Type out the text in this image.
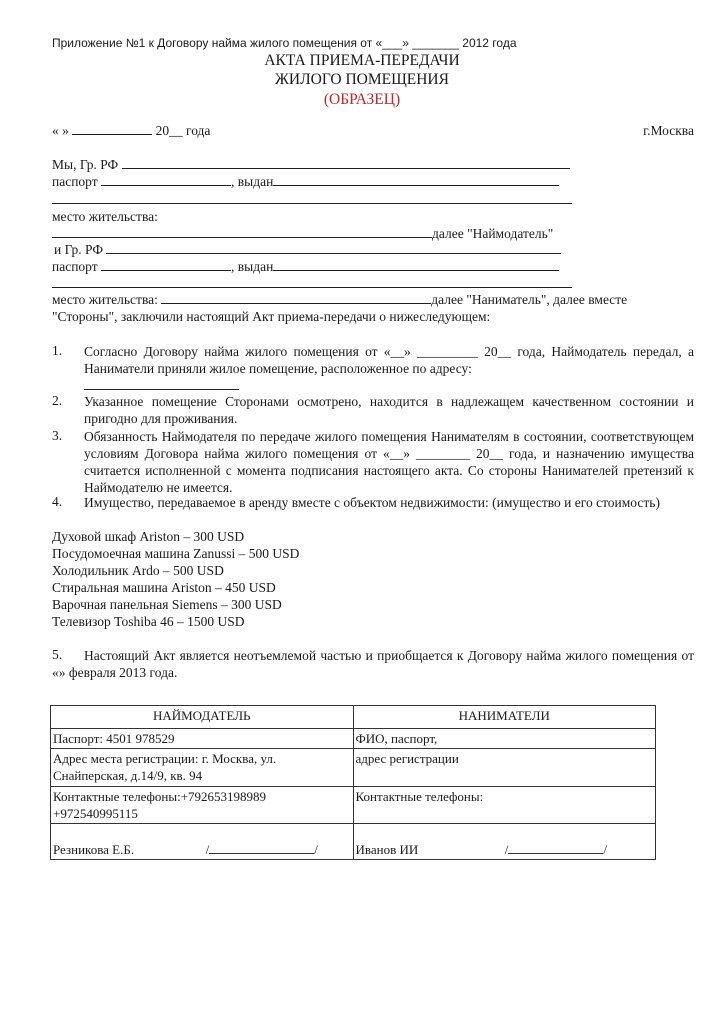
Приложение №1 к Договору найма жилого помещения от «___» _______ 2012 года
АКТА ПРИЕМА-ПЕРЕДАЧИ
ЖИЛОГО ПОМЕЩЕНИЯ
(ОБРАЗЕЦ)
« »	20__ года	г.Москва
Мы, Гр. РФ
паспорт	, выдан
место жительства:
далее "Наймодатель"
и Гр. РФ
паспорт	, выдан
место жительства:	далее "Наниматель", далее вместе
"Стороны", заключили настоящий Акт приема-передачи о нижеследующем:
1. Согласно Договору найма жилого помещения от «__» _________ 20__ года, Наймодатель передал, а Наниматели приняли жилое помещение, расположенное по адресу:
2. Указанное помещение Сторонами осмотрено, находится в надлежащем качественном состоянии и пригодно для проживания.
3. Обязанность Наймодателя по передаче жилого помещения Нанимателям в состоянии, соответствующем условиям Договора найма жилого помещения от «__» ________ 20__ года, и назначению имущества считается исполненной с момента подписания настоящего акта. Со стороны Нанимателей претензий к Наймодателю не имеется.
4. Имущество, передаваемое в аренду вместе с объектом недвижимости: (имущество и его стоимость)
Духовой шкаф Ariston – 300 USD
Посудомоечная машина Zanussi – 500 USD
Холодильник Ardo – 500 USD
Стиральная машина Ariston – 450 USD
Варочная панельная Siemens – 300 USD
Телевизор Toshiba 46 – 1500 USD
5.	Настоящий Акт является неотъемлемой частью и приобщается к Договору найма жилого помещения от «» февраля 2013 года.
НАЙМОДАТЕЛЬ	НАНИМАТЕЛИ
Паспорт: 4501 978529	ФИО, паспорт,

Адрес места регистрации: г. Москва, ул.
Снайперская, д.14/9, кв. 94	адрес регистрации

Контактные телефоны:+792653198989
+972540995115	Контактные телефоны:
Резникова Е.Б. / /	Иванов ИИ / /
